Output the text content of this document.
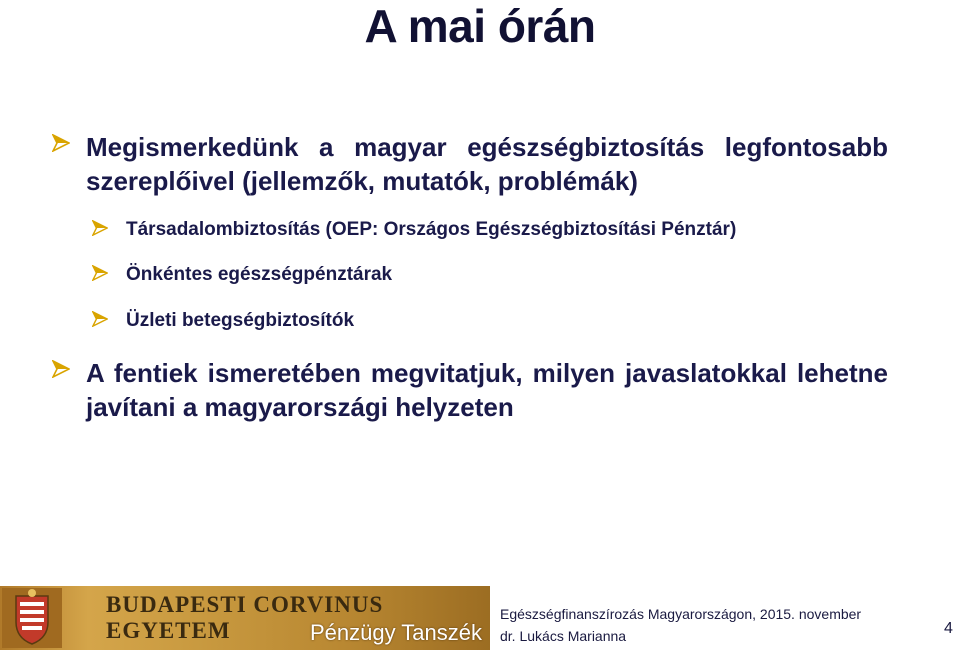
A mai órán
Megismerkedünk a magyar egészségbiztosítás legfontosabb szereplőivel (jellemzők, mutatók, problémák)
Társadalombiztosítás (OEP: Országos Egészségbiztosítási Pénztár)
Önkéntes egészségpénztárak
Üzleti betegségbiztosítók
A fentiek ismeretében megvitatjuk, milyen javaslatokkal lehetne javítani a magyarországi helyzeten
BUDAPESTI CORVINUS EGYETEM	Pénzügy Tanszék
Egészségfinanszírozás Magyarországon, 2015. november
dr. Lukács Marianna	4
